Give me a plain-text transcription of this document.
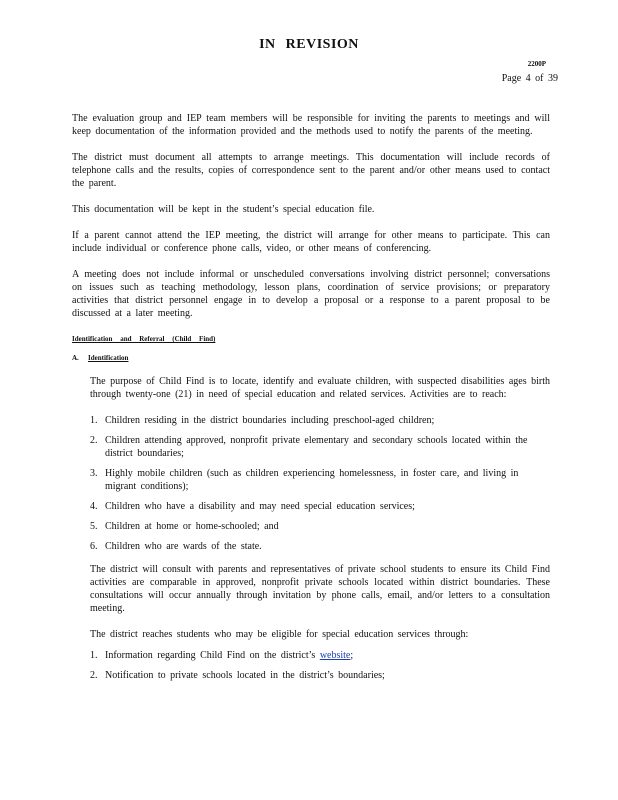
IN REVISION
2200P
Page 4 of 39

The evaluation group and IEP team members will be responsible for inviting the parents to meetings and will keep documentation of the information provided and the methods used to notify the parents of the meeting.

The district must document all attempts to arrange meetings. This documentation will include records of telephone calls and the results, copies of correspondence sent to the parent and/or other means used to contact the parent.

This documentation will be kept in the student’s special education file.

If a parent cannot attend the IEP meeting, the district will arrange for other means to participate. This can include individual or conference phone calls, video, or other means of conferencing.

A meeting does not include informal or unscheduled conversations involving district personnel; conversations on issues such as teaching methodology, lesson plans, coordination of service provisions; or preparatory activities that district personnel engage in to develop a proposal or a response to a parent proposal to be discussed at a later meeting.

Identification and Referral (Child Find)
A.	Identification

The purpose of Child Find is to locate, identify and evaluate children, with suspected disabilities ages birth through twenty-one (21) in need of special education and related services. Activities are to reach:

1. Children residing in the district boundaries including preschool-aged children;
2. Children attending approved, nonprofit private elementary and secondary schools located within the district boundaries;
3. Highly mobile children (such as children experiencing homelessness, in foster care, and living in migrant conditions);
4. Children who have a disability and may need special education services;
5. Children at home or home-schooled; and
6. Children who are wards of the state.

The district will consult with parents and representatives of private school students to ensure its Child Find activities are comparable in approved, nonprofit private schools located within district boundaries. These consultations will occur annually through invitation by phone calls, email, and/or letters to a consultation meeting.

The district reaches students who may be eligible for special education services through:

1. Information regarding Child Find on the district’s website;
2. Notification to private schools located in the district’s boundaries;
